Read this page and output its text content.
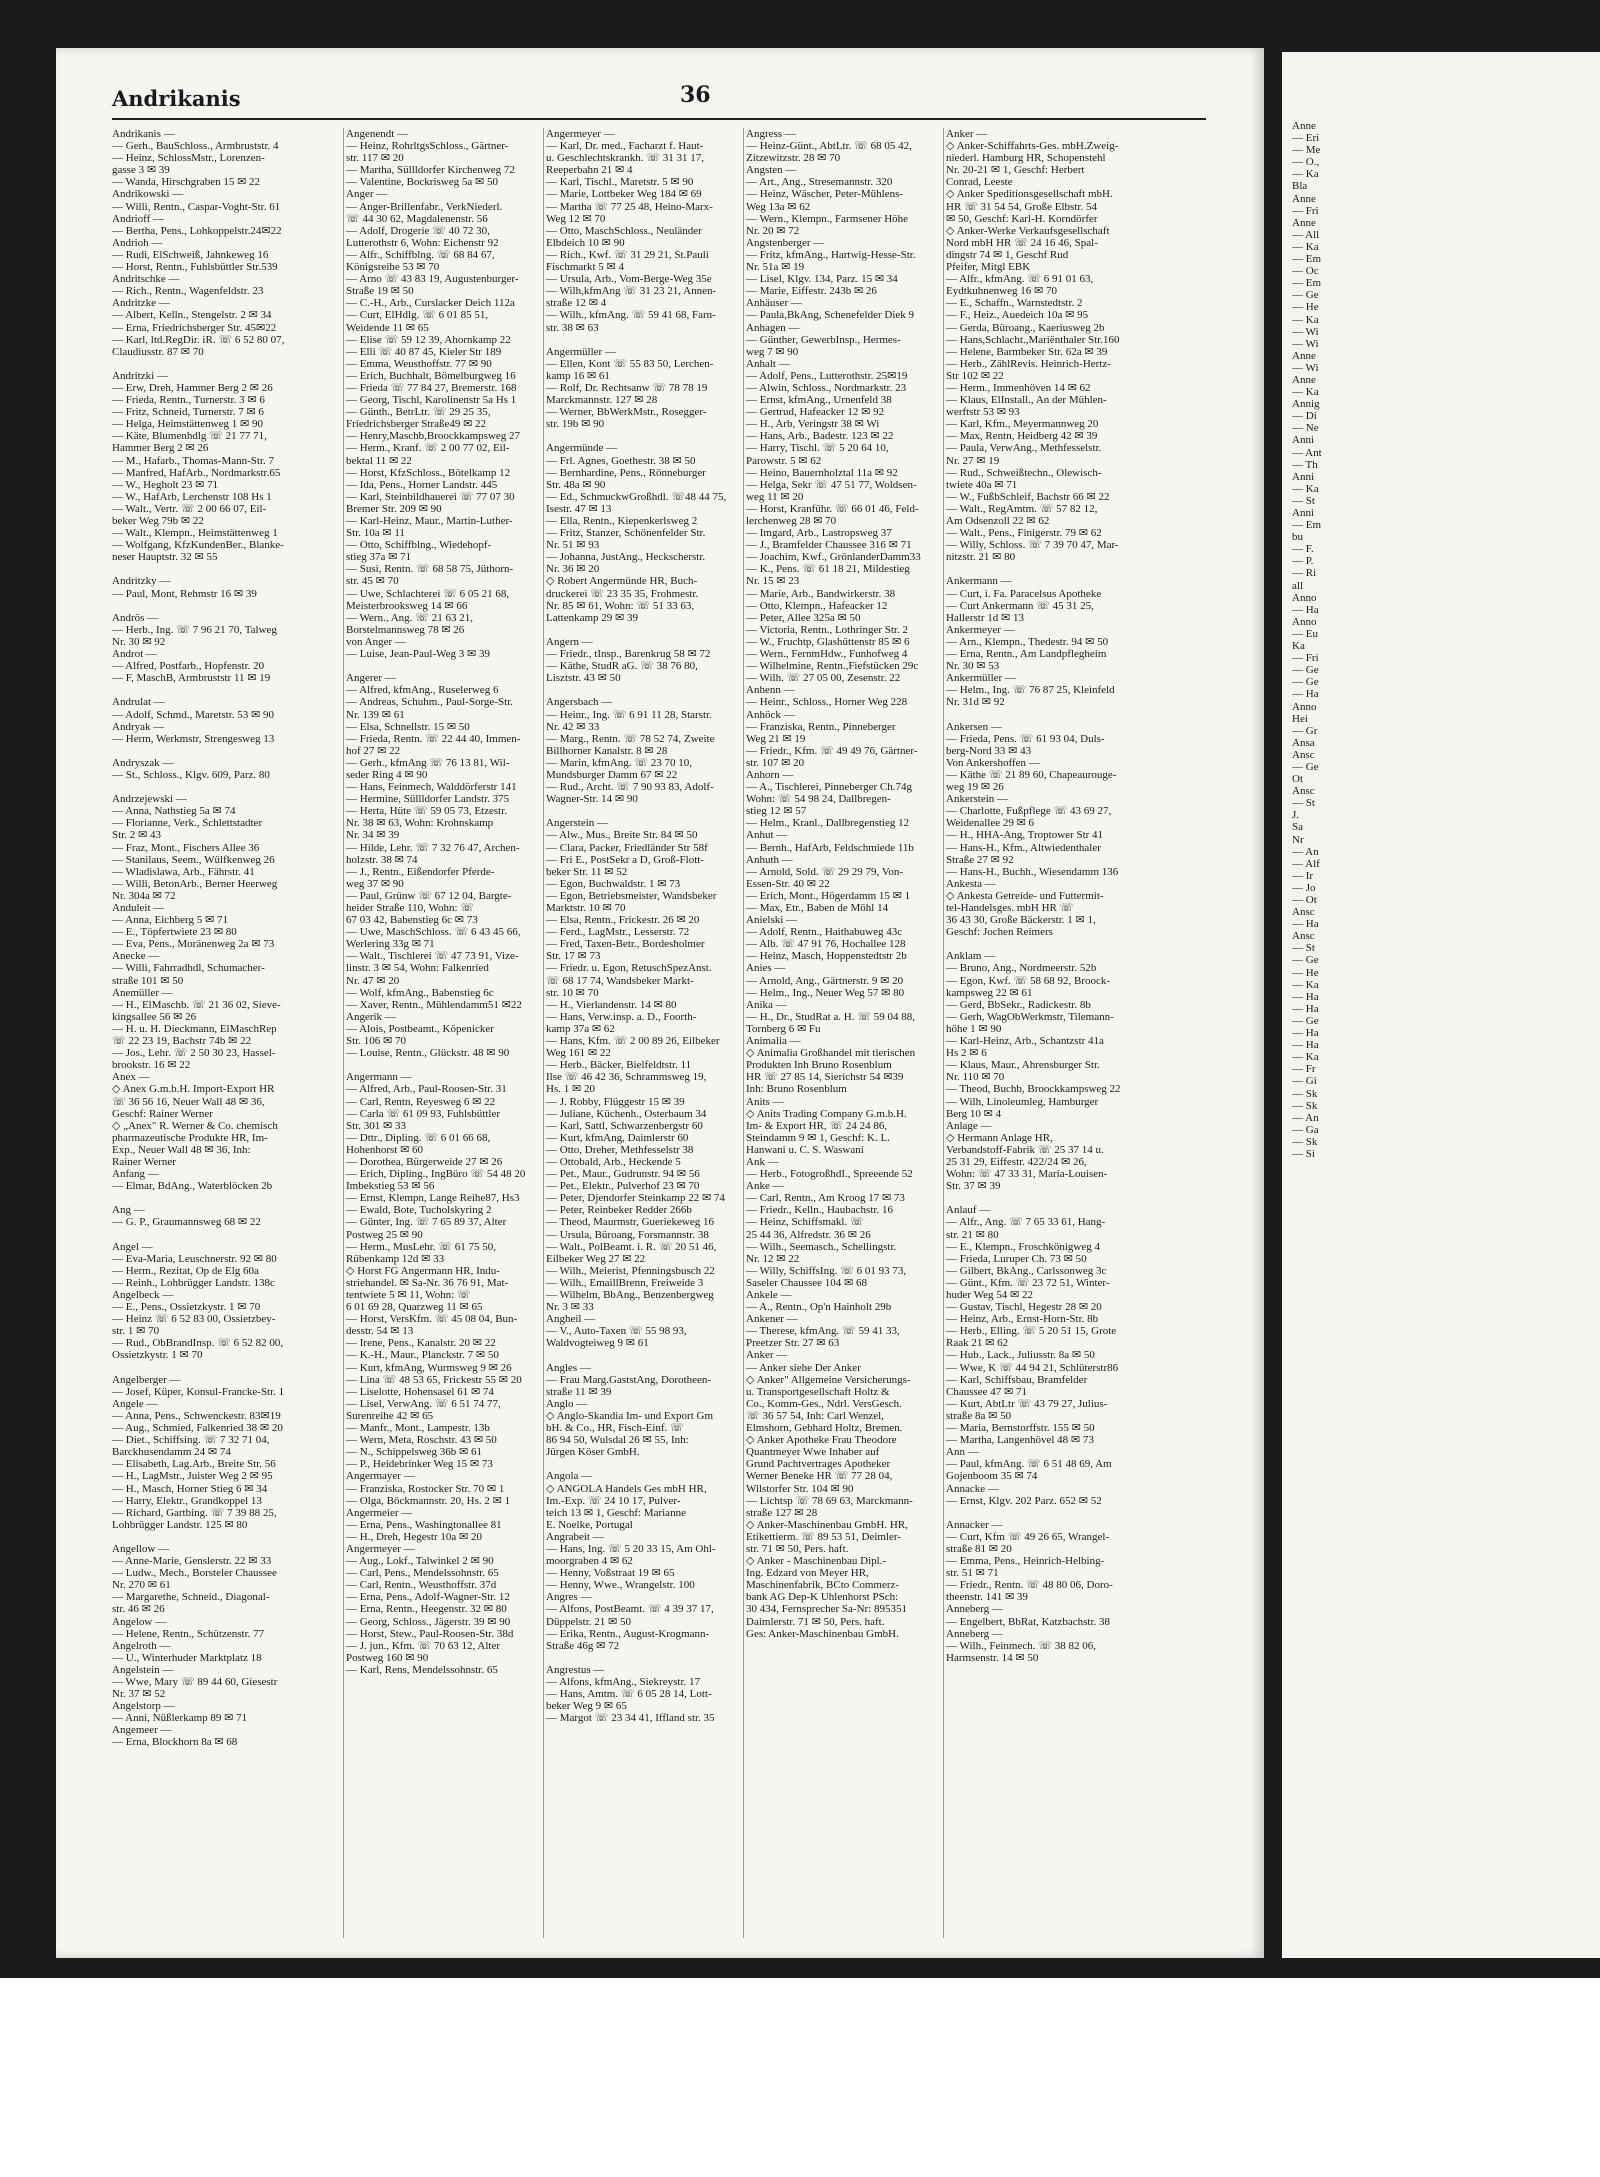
Andrikanis	36
Andrikanis —
— Gerh., BauSchloss., Armbruststr. 4
— Heinz, SchlossMstr., Lorenzen-
gasse 3 ✉ 39
— Wanda, Hirschgraben 15 ✉ 22
Andrikowski —
— Willi, Rentn., Caspar-Voght-Str. 61
Andrioff —
— Bertha, Pens., Lohkoppelstr.24✉22
Andrioh —
— Rudi, ElSchweiß, Jahnkeweg 16
— Horst, Rentn., Fuhlsbüttler Str.539
Andritschke —
— Rich., Rentn., Wagenfeldstr. 23
Andritzke —
— Albert, Kelln., Stengelstr. 2 ✉ 34
— Erna, Friedrichsberger Str. 45✉22
— Karl, ltd.RegDir. iR. ☏ 6 52 80 07,
Claudiusstr. 87 ✉ 70

Andritzki —
— Erw, Dreh, Hammer Berg 2 ✉ 26
— Frieda, Rentn., Turnerstr. 3 ✉ 6
— Fritz, Schneid, Turnerstr. 7 ✉ 6
— Helga, Heimstättenweg 1 ✉ 90
— Käte, Blumenhdlg ☏ 21 77 71,
Hammer Berg 2 ✉ 26
— M., Hafarb., Thomas-Mann-Str. 7
— Manfred, HafArb., Nordmarkstr.65
— W., Hegholt 23 ✉ 71
— W., HafArb, Lerchenstr 108 Hs 1
— Walt., Vertr. ☏ 2 00 66 07, Eil-
beker Weg 79b ✉ 22
— Walt., Klempn., Heimstättenweg 1
— Wolfgang, KfzKundenBer., Blanke-
neser Hauptstr. 32 ✉ 55

Andritzky —
— Paul, Mont, Rehmstr 16 ✉ 39

Andrös —
— Herb., Ing. ☏ 7 96 21 70, Talweg
Nr. 30 ✉ 92
Androt —
— Alfred, Postfarb., Hopfenstr. 20
— F, MaschB, Armbruststr 11 ✉ 19

Andrulat —
— Adolf, Schmd., Maretstr. 53 ✉ 90
Andryak —
— Herm, Werkmstr, Strengesweg 13

Andryszak —
— St., Schloss., Klgv. 609, Parz. 80

Andrzejewski —
— Anna, Nathstieg 5a ✉ 74
— Florianne, Verk., Schlettstadter
Str. 2 ✉ 43
— Fraz, Mont., Fischers Allee 36
— Stanilaus, Seem., Wülfkenweg 26
— Wladislawa, Arb., Fährstr. 41
— Willi, BetonArb., Berner Heerweg
Nr. 304a ✉ 72
Anduleit —
— Anna, Eichberg 5 ✉ 71
— E., Töpfertwiete 23 ✉ 80
— Eva, Pens., Moränenweg 2a ✉ 73
Anecke —
— Willi, Fahrradhdl, Schumacher-
straße 101 ✉ 50
Anemüller —
— H., ElMaschb. ☏ 21 36 02, Sieve-
kingsallee 56 ✉ 26
— H. u. H. Dieckmann, ElMaschRep
☏ 22 23 19, Bachstr 74b ✉ 22
— Jos., Lehr. ☏ 2 50 30 23, Hassel-
brookstr. 16 ✉ 22
Anex —
◇ Anex G.m.b.H. Import-Export HR
☏ 36 56 16, Neuer Wall 48 ✉ 36,
Geschf: Rainer Werner
◇ „Anex" R. Werner & Co. chemisch
pharmazeutische Produkte HR, Im-
Exp., Neuer Wall 48 ✉ 36, Inh:
Rainer Werner
Anfang —
— Elmar, BdAng., Waterblöcken 2b

Ang —
— G. P., Graumannsweg 68 ✉ 22

Angel —
— Eva-Maria, Leuschnerstr. 92 ✉ 80
— Herm., Rezitat, Op de Elg 60a
— Reinh., Lohbrügger Landstr. 138c
Angelbeck —
— E., Pens., Ossietzkystr. 1 ✉ 70
— Heinz ☏ 6 52 83 00, Ossietzbey-
str. 1 ✉ 70
— Rud., ObBrandInsp. ☏ 6 52 82 00,
Ossietzkystr. 1 ✉ 70

Angelberger —
— Josef, Küper, Konsul-Francke-Str. 1
Angele —
— Anna, Pens., Schwenckestr. 83✉19
— Aug., Schmied, Falkenried 38 ✉ 20
— Diet., Schiffsing. ☏ 7 32 71 04,
Barckhusendamm 24 ✉ 74
— Elisabeth, Lag.Arb., Breite Str. 56
— H., LagMstr., Juister Weg 2 ✉ 95
— H., Masch, Horner Stieg 6 ✉ 34
— Harry, Elektr., Grandkoppel 13
— Richard, Gartbing. ☏ 7 39 88 25,
Lohbrügger Landstr. 125 ✉ 80

Angellow —
— Anne-Marie, Genslerstr. 22 ✉ 33
— Ludw., Mech., Borsteler Chaussee
Nr. 270 ✉ 61
— Margarethe, Schneid., Diagonal-
str. 46 ✉ 26
Angelow —
— Helene, Rentn., Schützenstr. 77
Angelroth —
— U., Winterhuder Marktplatz 18
Angelstein —
— Wwe, Mary ☏ 89 44 60, Giesestr
Nr. 37 ✉ 52
Angelstorp —
— Anni, Nüßlerkamp 89 ✉ 71
Angemeer —
— Erna, Blockhorn 8a ✉ 68
Angenendt —
— Heinz, RohrltgsSchloss., Gärtner-
str. 117 ✉ 20
— Martha, Süllldorfer Kirchenweg 72
— Valentine, Bockrisweg 5a ✉ 50
Anger —
— Anger-Brillenfabr., VerkNiederl.
☏ 44 30 62, Magdalenenstr. 56
— Adolf, Drogerie ☏ 40 72 30,
Lutterothstr 6, Wohn: Eichenstr 92
— Alfr., Schiffblng. ☏ 68 84 67,
Königsreihe 53 ✉ 70
— Arno ☏ 43 83 19, Augustenburger-
Straße 19 ✉ 50
— C.-H., Arb., Curslacker Deich 112a
— Curt, ElHdlg. ☏ 6 01 85 51,
Weidende 11 ✉ 65
— Elise ☏ 59 12 39, Ahornkamp 22
— Elli ☏ 40 87 45, Kieler Str 189
— Emma, Weusthoffstr. 77 ✉ 90
— Erich, Buchhalt, Bömelburgweg 16
— Frieda ☏ 77 84 27, Bremerstr. 168
— Georg, Tischl, Karolinenstr 5a Hs 1
— Günth., BetrLtr. ☏ 29 25 35,
Friedrichsberger Straße49 ✉ 22
— Henry,Maschb,Broockkampsweg 27
— Herm., Kranf. ☏ 2 00 77 02, Eil-
bektal 11 ✉ 22
— Horst, KfzSchloss., Bötelkamp 12
— Ida, Pens., Horner Landstr. 445
— Karl, Steinbildhauerei ☏ 77 07 30
Bremer Str. 209 ✉ 90
— Karl-Heinz, Maur., Martin-Luther-
Str. 10a ✉ 11
— Otto, Schiffblng., Wiedehopf-
stieg 37a ✉ 71
— Susi, Rentn. ☏ 68 58 75, Jüthorn-
str. 45 ✉ 70
— Uwe, Schlachterei ☏ 6 05 21 68,
Meisterbrooksweg 14 ✉ 66
— Wern., Ang. ☏ 21 63 21,
Borstelmannsweg 78 ✉ 26
von Anger —
— Luise, Jean-Paul-Weg 3 ✉ 39

Angerer —
— Alfred, kfmAng., Ruselerweg 6
— Andreas, Schuhm., Paul-Sorge-Str.
Nr. 139 ✉ 61
— Elsa, Schnellstr. 15 ✉ 50
— Frieda, Rentn. ☏ 22 44 40, Immen-
hof 27 ✉ 22
— Gerh., kfmAng ☏ 76 13 81, Wil-
seder Ring 4 ✉ 90
— Hans, Feinmech, Walddörferstr 141
— Hermine, Süllldorfer Landstr. 375
— Herta, Hüte ☏ 59 05 73, Etzestr.
Nr. 38 ✉ 63, Wohn: Krohnskamp
Nr. 34 ✉ 39
— Hilde, Lehr. ☏ 7 32 76 47, Archen-
holzstr. 38 ✉ 74
— J., Rentn., Eißendorfer Pferde-
weg 37 ✉ 90
— Paul, Grünw ☏ 67 12 04, Bargte-
heider Straße 110, Wohn: ☏
67 03 42, Babenstieg 6c ✉ 73
— Uwe, MaschSchloss. ☏ 6 43 45 66,
Werlering 33g ✉ 71
— Walt., Tischlerei ☏ 47 73 91, Vize-
linstr. 3 ✉ 54, Wohn: Falkenried
Nr. 47 ✉ 20
— Wolf, kfmAng., Babenstieg 6c
— Xaver, Rentn., Mühlendamm51 ✉22
Angerik —
— Alois, Postbeamt., Köpenicker
Str. 106 ✉ 70
— Louise, Rentn., Glückstr. 48 ✉ 90

Angermann —
— Alfred, Arb., Paul-Roosen-Str. 31
— Carl, Rentn, Reyesweg 6 ✉ 22
— Carla ☏ 61 09 93, Fuhlsbüttler
Str. 301 ✉ 33
— Dttr., Dipling. ☏ 6 01 66 68,
Hohenhorst ✉ 60
— Dorothea, Bürgerweide 27 ✉ 26
— Erich, Dipling., IngBüro ☏ 54 48 20
Imbekstieg 53 ✉ 56
— Ernst, Klempn, Lange Reihe87, Hs3
— Ewald, Bote, Tucholskyring 2
— Günter, Ing. ☏ 7 65 89 37, Alter
Postweg 25 ✉ 90
— Herm., MusLehr. ☏ 61 75 50,
Rübenkamp 12d ✉ 33
◇ Horst FG Angermann HR, Indu-
striehandel. ✉ Sa-Nr. 36 76 91, Mat-
tentwiete 5 ✉ 11, Wohn: ☏
6 01 69 28, Quarzweg 11 ✉ 65
— Horst, VersKfm. ☏ 45 08 04, Bun-
desstr. 54 ✉ 13
— Irene, Pens., Kanalstr. 20 ✉ 22
— K.-H., Maur., Planckstr. 7 ✉ 50
— Kurt, kfmAng, Wurmsweg 9 ✉ 26
— Lina ☏ 48 53 65, Frickestr 55 ✉ 20
— Liselotte, Hohensasel 61 ✉ 74
— Lisel, VerwAng. ☏ 6 51 74 77,
Surenreihe 42 ✉ 65
— Manfr., Mont., Lampestr. 13b
— Wern, Meta, Roschstr. 43 ✉ 50
— N., Schippelsweg 36b ✉ 61
— P., Heidebrinker Weg 15 ✉ 73
Angermayer —
— Franziska, Rostocker Str. 70 ✉ 1
— Olga, Böckmannstr. 20, Hs. 2 ✉ 1
Angermeier —
— Erna, Pens., Washingtonallee 81
— H., Dreh, Hegestr 10a ✉ 20
Angermeyer —
— Aug., Lokf., Talwinkel 2 ✉ 90
— Carl, Pens., Mendelssohnstr. 65
— Carl, Rentn., Weusthoffstr. 37d
— Erna, Pens., Adolf-Wagner-Str. 12
— Erna, Rentn., Heegenstr. 32 ✉ 80
— Georg, Schloss., Jägerstr. 39 ✉ 90
— Horst, Stew., Paul-Roosen-Str. 38d
— J. jun., Kfm. ☏ 70 63 12, Alter
Postweg 160 ✉ 90
— Karl, Rens, Mendelssohnstr. 65
Angermeyer —
— Karl, Dr. med., Facharzt f. Haut-
u. Geschlechtskrankh. ☏ 31 31 17,
Reeperbahn 21 ✉ 4
— Karl, Tischl., Maretstr. 5 ✉ 90
— Marie, Lottbeker Weg 184 ✉ 69
— Martha ☏ 77 25 48, Heino-Marx-
Weg 12 ✉ 70
— Otto, MaschSchloss., Neuländer
Elbdeich 10 ✉ 90
— Rich., Kwf. ☏ 31 29 21, St.Pauli
Fischmarkt 5 ✉ 4
— Ursula, Arb., Vom-Berge-Weg 35e
— Wilh,kfmAng ☏ 31 23 21, Annen-
straße 12 ✉ 4
— Wilh., kfmAng. ☏ 59 41 68, Farn-
str. 38 ✉ 63

Angermüller —
— Ellen, Kont ☏ 55 83 50, Lerchen-
kamp 16 ✉ 61
— Rolf, Dr. Rechtsanw ☏ 78 78 19
Marckmannstr. 127 ✉ 28
— Werner, BbWerkMstr., Rosegger-
str. 19b ✉ 90

Angermünde —
— Frl. Agnes, Goethestr. 38 ✉ 50
— Bernhardine, Pens., Rönneburger
Str. 48a ✉ 90
— Ed., SchmuckwGroßhdl. ☏48 44 75,
Isestr. 47 ✉ 13
— Ella, Rentn., Kiepenkerlsweg 2
— Fritz, Stanzer, Schönenfelder Str.
Nr. 51 ✉ 93
— Johanna, JustAng., Heckscherstr.
Nr. 36 ✉ 20
◇ Robert Angermünde HR, Buch-
druckerei ☏ 23 35 35, Frohmestr.
Nr. 85 ✉ 61, Wohn: ☏ 51 33 63,
Lattenkamp 29 ✉ 39

Angern —
— Friedr., tInsp., Barenkrug 58 ✉ 72
— Käthe, StudR aG. ☏ 38 76 80,
Lisztstr. 43 ✉ 50

Angersbach —
— Heinr., Ing. ☏ 6 91 11 28, Starstr.
Nr. 42 ✉ 33
— Marg., Rentn. ☏ 78 52 74, Zweite
Billhorner Kanalstr. 8 ✉ 28
— Marin, kfmAng. ☏ 23 70 10,
Mundsburger Damm 67 ✉ 22
— Rud., Archt. ☏ 7 90 93 83, Adolf-
Wagner-Str. 14 ✉ 90

Angerstein —
— Alw., Mus., Breite Str. 84 ✉ 50
— Clara, Packer, Friedländer Str 58f
— Fri E., PostSekr a D, Groß-Flott-
beker Str. 11 ✉ 52
— Egon, Buchwaldstr. 1 ✉ 73
— Egon, Betriebsmeister, Wandsbeker
Marktstr. 10 ✉ 70
— Elsa, Rentn., Frickestr. 26 ✉ 20
— Ferd., LagMstr., Lesserstr. 72
— Fred, Taxen-Betr., Bordesholmer
Str. 17 ✉ 73
— Friedr. u. Egon, RetuschSpezAnst.
☏ 68 17 74, Wandsbeker Markt-
str. 10 ✉ 70
— H., Vierlandenstr. 14 ✉ 80
— Hans, Verw.insp. a. D., Foorth-
kamp 37a ✉ 62
— Hans, Kfm. ☏ 2 00 89 26, Eilbeker
Weg 161 ✉ 22
— Herb., Bäcker, Bielfeldtstr. 11
Ilse ☏ 46 42 36, Schrammsweg 19,
Hs. 1 ✉ 20
— J. Robby, Flüggestr 15 ✉ 39
— Juliane, Küchenh., Osterbaum 34
— Karl, Sattl, Schwarzenbergstr 60
— Kurt, kfmAng, Daimlerstr 60
— Otto, Dreher, Methfesselstr 38
— Ottobald, Arb., Heckende 5
— Pet., Maur., Gudrunstr. 94 ✉ 56
— Pet., Elektr., Pulverhof 23 ✉ 70
— Peter, Djendorfer Steinkamp 22 ✉ 74
— Peter, Reinbeker Redder 266b
— Theod, Maurmstr, Gueriekeweg 16
— Ursula, Büroang, Forsmannstr. 38
— Walt., PolBeamt. i. R. ☏ 20 51 46,
Eilbeker Weg 27 ✉ 22
— Wilh., Meierist, Pfenningsbusch 22
— Wilh., EmaillBrenn, Freiweide 3
— Wilhelm, BbAng., Benzenbergweg
Nr. 3 ✉ 33
Angheil —
— V., Auto-Taxen ☏ 55 98 93,
Waldvogteiweg 9 ✉ 61

Angles —
— Frau Marg.GaststAng, Dorotheen-
straße 11 ✉ 39
Anglo —
◇ Anglo-Skandia Im- und Export Gm
bH. & Co., HR, Fisch-Einf. ☏
86 94 50, Wulsdal 26 ✉ 55, Inh:
Jürgen Köser GmbH.

Angola —
◇ ANGOLA Handels Ges mbH HR,
Im.-Exp. ☏ 24 10 17, Pulver-
teich 13 ✉ 1, Geschf: Marianne
E. Noelke, Portugal
Angrabeit —
— Hans, Ing. ☏ 5 20 33 15, Am Ohl-
moorgraben 4 ✉ 62
— Henny, Voßstraat 19 ✉ 65
— Henny, Wwe., Wrangelstr. 100
Angres —
— Alfons, PostBeamt. ☏ 4 39 37 17,
Düppelstr. 21 ✉ 50
— Erika, Rentn., August-Krogmann-
Straße 46g ✉ 72

Angrestus —
— Alfons, kfmAng., Siekreystr. 17
— Hans, Amtm. ☏ 6 05 28 14, Lott-
beker Weg 9 ✉ 65
— Margot ☏ 23 34 41, Iffland str. 35
Angress —
— Heinz-Günt., AbtLtr. ☏ 68 05 42,
Zitzewitzstr. 28 ✉ 70
Angsten —
— Art., Ang., Stresemannstr. 320
— Heinz, Wäscher, Peter-Mühlens-
Weg 13a ✉ 62
— Wern., Klempn., Farmsener Höhe
Nr. 20 ✉ 72
Angstenberger —
— Fritz, kfmAng., Hartwig-Hesse-Str.
Nr. 51a ✉ 19
— Lisel, Klgv. 134, Parz. 15 ✉ 34
— Marie, Eiffestr. 243b ✉ 26
Anhäuser —
— Paula,BkAng, Schenefelder Diek 9
Anhagen —
— Günther, GewerbInsp., Hermes-
weg 7 ✉ 90
Anhalt —
— Adolf, Pens., Lutterothstr. 25✉19
— Alwin, Schloss., Nordmarkstr. 23
— Ernst, kfmAng., Urnenfeld 38
— Gertrud, Hafeacker 12 ✉ 92
— H., Arb, Veringstr 38 ✉ Wi
— Hans, Arb., Badestr. 123 ✉ 22
— Harry, Tischl. ☏ 5 20 64 10,
Parowstr. 5 ✉ 62
— Heino, Bauernholztal 11a ✉ 92
— Helga, Sekr ☏ 47 51 77, Woldsen-
weg 11 ✉ 20
— Horst, Kranführ. ☏ 66 01 46, Feld-
lerchenweg 28 ✉ 70
— Imgard, Arb., Lastropsweg 37
— J., Bramfelder Chaussee 316 ✉ 71
— Joachim, Kwf., GrönlanderDamm33
— K., Pens. ☏ 61 18 21, Mildestieg
Nr. 15 ✉ 23
— Marie, Arb., Bandwirkerstr. 38
— Otto, Klempn., Hafeacker 12
— Peter, Allee 325a ✉ 50
— Victoria, Rentn., Lothringer Str. 2
— W., Fruchtp, Glashüttenstr 85 ✉ 6
— Wern., FernmHdw., Funhofweg 4
— Wilhelmine, Rentn.,Fiefstücken 29c
— Wilh. ☏ 27 05 00, Zesenstr. 22
Anhenn —
— Heinr., Schloss., Horner Weg 228
Anhöck —
— Franziska, Rentn., Pinneberger
Weg 21 ✉ 19
— Friedr., Kfm. ☏ 49 49 76, Gärtner-
str. 107 ✉ 20
Anhorn —
— A., Tischlerei, Pinneberger Ch.74g
Wohn: ☏ 54 98 24, Dallbregen-
stieg 12 ✉ 57
— Helm., Kranl., Dallbregenstieg 12
Anhut —
— Bernh., HafArb, Feldschmiede 11b
Anhuth —
— Arnold, Sold. ☏ 29 29 79, Von-
Essen-Str. 40 ✉ 22
— Erich, Mont., Högerdamm 15 ✉ 1
— Max, Etr., Baben de Möhl 14
Anielski —
— Adolf, Rentn., Haithabuweg 43c
— Alb. ☏ 47 91 76, Hochallee 128
— Heinz, Masch, Hoppenstedtstr 2b
Anies —
— Arnold, Ang., Gärtnerstr. 9 ✉ 20
— Helm., Ing., Neuer Weg 57 ✉ 80
Anika —
— H., Dr., StudRat a. H. ☏ 59 04 88,
Tornberg 6 ✉ Fu
Animalia —
◇ Animalia Großhandel mit tierischen
Produkten Inh Bruno Rosenblum
HR ☏ 27 85 14, Sierichstr 54 ✉39
Inh: Bruno Rosenblum
Anits —
◇ Anits Trading Company G.m.b.H.
Im- & Export HR, ☏ 24 24 86,
Steindamm 9 ✉ 1, Geschf: K. L.
Hanwani u. C. S. Waswani
Ank —
— Herb., FotogroßhdI., Spreeende 52
Anke —
— Carl, Rentn., Am Kroog 17 ✉ 73
— Friedr., Kelln., Haubachstr. 16
— Heinz, Schiffsmakl. ☏
25 44 36, Alfredstr. 36 ✉ 26
— Wilh., Seemasch., Schellingstr.
Nr. 12 ✉ 22
— Willy, SchiffsIng. ☏ 6 01 93 73,
Saseler Chaussee 104 ✉ 68
Ankele —
— A., Rentn., Op'n Hainholt 29b
Ankener —
— Therese, kfmAng. ☏ 59 41 33,
Preetzer Str. 27 ✉ 63
Anker —
— Anker siehe Der Anker
◇ Anker" Allgemeine Versicherungs-
u. Transportgesellschaft Holtz &
Co., Komm-Ges., Ndrl. VersGesch.
☏ 36 57 54, Inh: Carl Wenzel,
Elmshorn, Gebhard Holtz, Bremen.
◇ Anker Apotheke Frau Theodore
Quantmeyer Wwe Inhaber auf
Grund Pachtvertrages Apotheker
Werner Beneke HR ☏ 77 28 04,
Wilstorfer Str. 104 ✉ 90
— Lichtsp ☏ 78 69 63, Marckmann-
straße 127 ✉ 28
◇ Anker-Maschinenbau GmbH. HR,
Etikettierm. ☏ 89 53 51, Deimler-
str. 71 ✉ 50, Pers. haft.
◇ Anker - Maschinenbau Dipl.-
Ing. Edzard von Meyer HR,
Maschinenfabrik, BCto Commerz-
bank AG Dep-K Uhlenhorst PSch:
30 434, Fernsprecher Sa-Nr: 895351
Daimlerstr. 71 ✉ 50, Pers. haft.
Ges: Anker-Maschinenbau GmbH.
Anker —
◇ Anker-Schiffahrts-Ges. mbH.Zweig-
niederl. Hamburg HR, Schopenstehl
Nr. 20-21 ✉ 1, Geschf: Herbert
Conrad, Leeste
◇ Anker Speditionsgesellschaft mbH.
HR ☏ 31 54 54, Große Elbstr. 54
✉ 50, Geschf: Karl-H. Korndörfer
◇ Anker-Werke Verkaufsgesellschaft
Nord mbH HR ☏ 24 16 46, Spal-
dingstr 74 ✉ 1, Geschf Rud
Pfeifer, Mitgl EBK
— Alfr., kfmAng. ☏ 6 91 01 63,
Eydtkuhnenweg 16 ✉ 70
— E., Schaffn., Warnstedtstr. 2
— F., Heiz., Auedeich 10a ✉ 95
— Gerda, Büroang., Kaeriusweg 2b
— Hans,Schlacht.,Mariënthaler Str.160
— Helene, Barmbeker Str. 62a ✉ 39
— Herb., ZählRevis. Heinrich-Hertz-
Str 102 ✉ 22
— Herm., Immenhöven 14 ✉ 62
— Klaus, ElInstall., An der Mühlen-
werftstr 53 ✉ 93
— Karl, Kfm., Meyermannweg 20
— Max, Rentn, Heidberg 42 ✉ 39
— Paula, VerwAng., Methfesselstr.
Nr. 27 ✉ 19
— Rud., Schweißtechn., Olewisch-
twiete 40a ✉ 71
— W., FußbSchleif, Bachstr 66 ✉ 22
— Walt., RegAmtm. ☏ 57 82 12,
Am Odsenzoll 22 ✉ 62
— Walt., Pens., Finigerstr. 79 ✉ 62
— Willy, Schloss. ☏ 7 39 70 47, Mar-
nitzstr. 21 ✉ 80

Ankermann —
— Curt, i. Fa. Paracelsus Apotheke
— Curt Ankermann ☏ 45 31 25,
Hallerstr 1d ✉ 13
Ankermeyer —
— Arn., Klempn., Thedestr. 94 ✉ 50
— Erna, Rentn., Am Landpflegheim
Nr. 30 ✉ 53
Ankermüller —
— Helm., Ing. ☏ 76 87 25, Kleinfeld
Nr. 31d ✉ 92

Ankersen —
— Frieda, Pens. ☏ 61 93 04, Duls-
berg-Nord 33 ✉ 43
Von Ankershoffen —
— Käthe ☏ 21 89 60, Chapeaurouge-
weg 19 ✉ 26
Ankerstein —
— Charlotte, Fußpflege ☏ 43 69 27,
Weidenallee 29 ✉ 6
— H., HHA-Ang, Troptower Str 41
— Hans-H., Kfm., Altwiedenthaler
Straße 27 ✉ 92
— Hans-H., Buchh., Wiesendamm 136
Ankesta —
◇ Ankesta Getreide- und Futtermit-
tel-Handelsges. mbH HR ☏
36 43 30, Große Bäckerstr. 1 ✉ 1,
Geschf: Jochen Reimers

Anklam —
— Bruno, Ang., Nordmeerstr. 52b
— Egon, Kwf. ☏ 58 68 92, Broock-
kampsweg 22 ✉ 61
— Gerd, BbSekr., Radickestr. 8b
— Gerh, WagObWerkmstr, Tilemann-
höhe 1 ✉ 90
— Karl-Heinz, Arb., Schantzstr 41a
Hs 2 ✉ 6
— Klaus, Maur., Ahrensburger Str.
Nr. 110 ✉ 70
— Theod, Buchb, Broockkampsweg 22
— Wilh, Linoleumleg, Hamburger
Berg 10 ✉ 4
Anlage —
◇ Hermann Anlage HR,
Verbandstoff-Fabrik ☏ 25 37 14 u.
25 31 29, Eiffestr. 422/24 ✉ 26,
Wohn: ☏ 47 33 31, Maria-Louisen-
Str. 37 ✉ 39

Anlauf —
— Alfr., Ang. ☏ 7 65 33 61, Hang-
str. 21 ✉ 80
— E., Klempn., Froschkönigweg 4
— Frieda, Luruper Ch. 73 ✉ 50
— Gilbert, BkAng., Carlssonweg 3c
— Günt., Kfm. ☏ 23 72 51, Winter-
huder Weg 54 ✉ 22
— Gustav, Tischl, Hegestr 28 ✉ 20
— Heinz, Arb., Ernst-Horn-Str. 8b
— Herb., Elling. ☏ 5 20 51 15, Grote
Raak 21 ✉ 62
— Hub., Lack., Juliusstr. 8a ✉ 50
— Wwe, K ☏ 44 94 21, Schlüterstr86
— Karl, Schiffsbau, Bramfelder
Chaussee 47 ✉ 71
— Kurt, AbtLtr ☏ 43 79 27, Julius-
straße 8a ✉ 50
— Maria, Bernstorffstr. 155 ✉ 50
— Martha, Langenhövel 48 ✉ 73
Ann —
— Paul, kfmAng. ☏ 6 51 48 69, Am
Gojenboom 35 ✉ 74
Annacke —
— Ernst, Klgv. 202 Parz. 652 ✉ 52

Annacker —
— Curt, Kfm ☏ 49 26 65, Wrangel-
straße 81 ✉ 20
— Emma, Pens., Heinrich-Helbing-
str. 51 ✉ 71
— Friedr., Rentn. ☏ 48 80 06, Doro-
theenstr. 141 ✉ 39
Anneberg —
— Engelbert, BbRat, Katzbachstr. 38
Anneberg —
— Wilh., Feinmech. ☏ 38 82 06,
Harmsenstr. 14 ✉ 50
Anne
— Eri
— Me
— O.,
— Ka
Bla
Anne
— Fri
Anne
— All
— Ka
— Em
— Oc
— Em
— Ge
— He
— Ka
— Wi
— Wi
Anne
— Wi
Anne
— Ka
Annig
— Di
— Ne
Anni
— Ant
— Th
Anni
— Ka
— St
Anni
— Em
bu
— F.
— P.
— Ri
all
Anno
— Ha
Anno
— Eu
Ka
— Fri
— Ge
— Ge
— Ha
Anno
Hei
— Gr
Ansa
Ansc
— Ge
Ot
Ansc
— St
J.
Sa
Nr
— An
— Alf
— Ir
— Jo
— Ot
Ansc
— Ha
Ansc
— St
— Ge
— He
— Ka
— Ha
— Ha
— Ge
— Ha
— Ha
— Ka
— Fr
— Gi
— Sk
— Sk
— An
— Ga
— Sk
— Si
